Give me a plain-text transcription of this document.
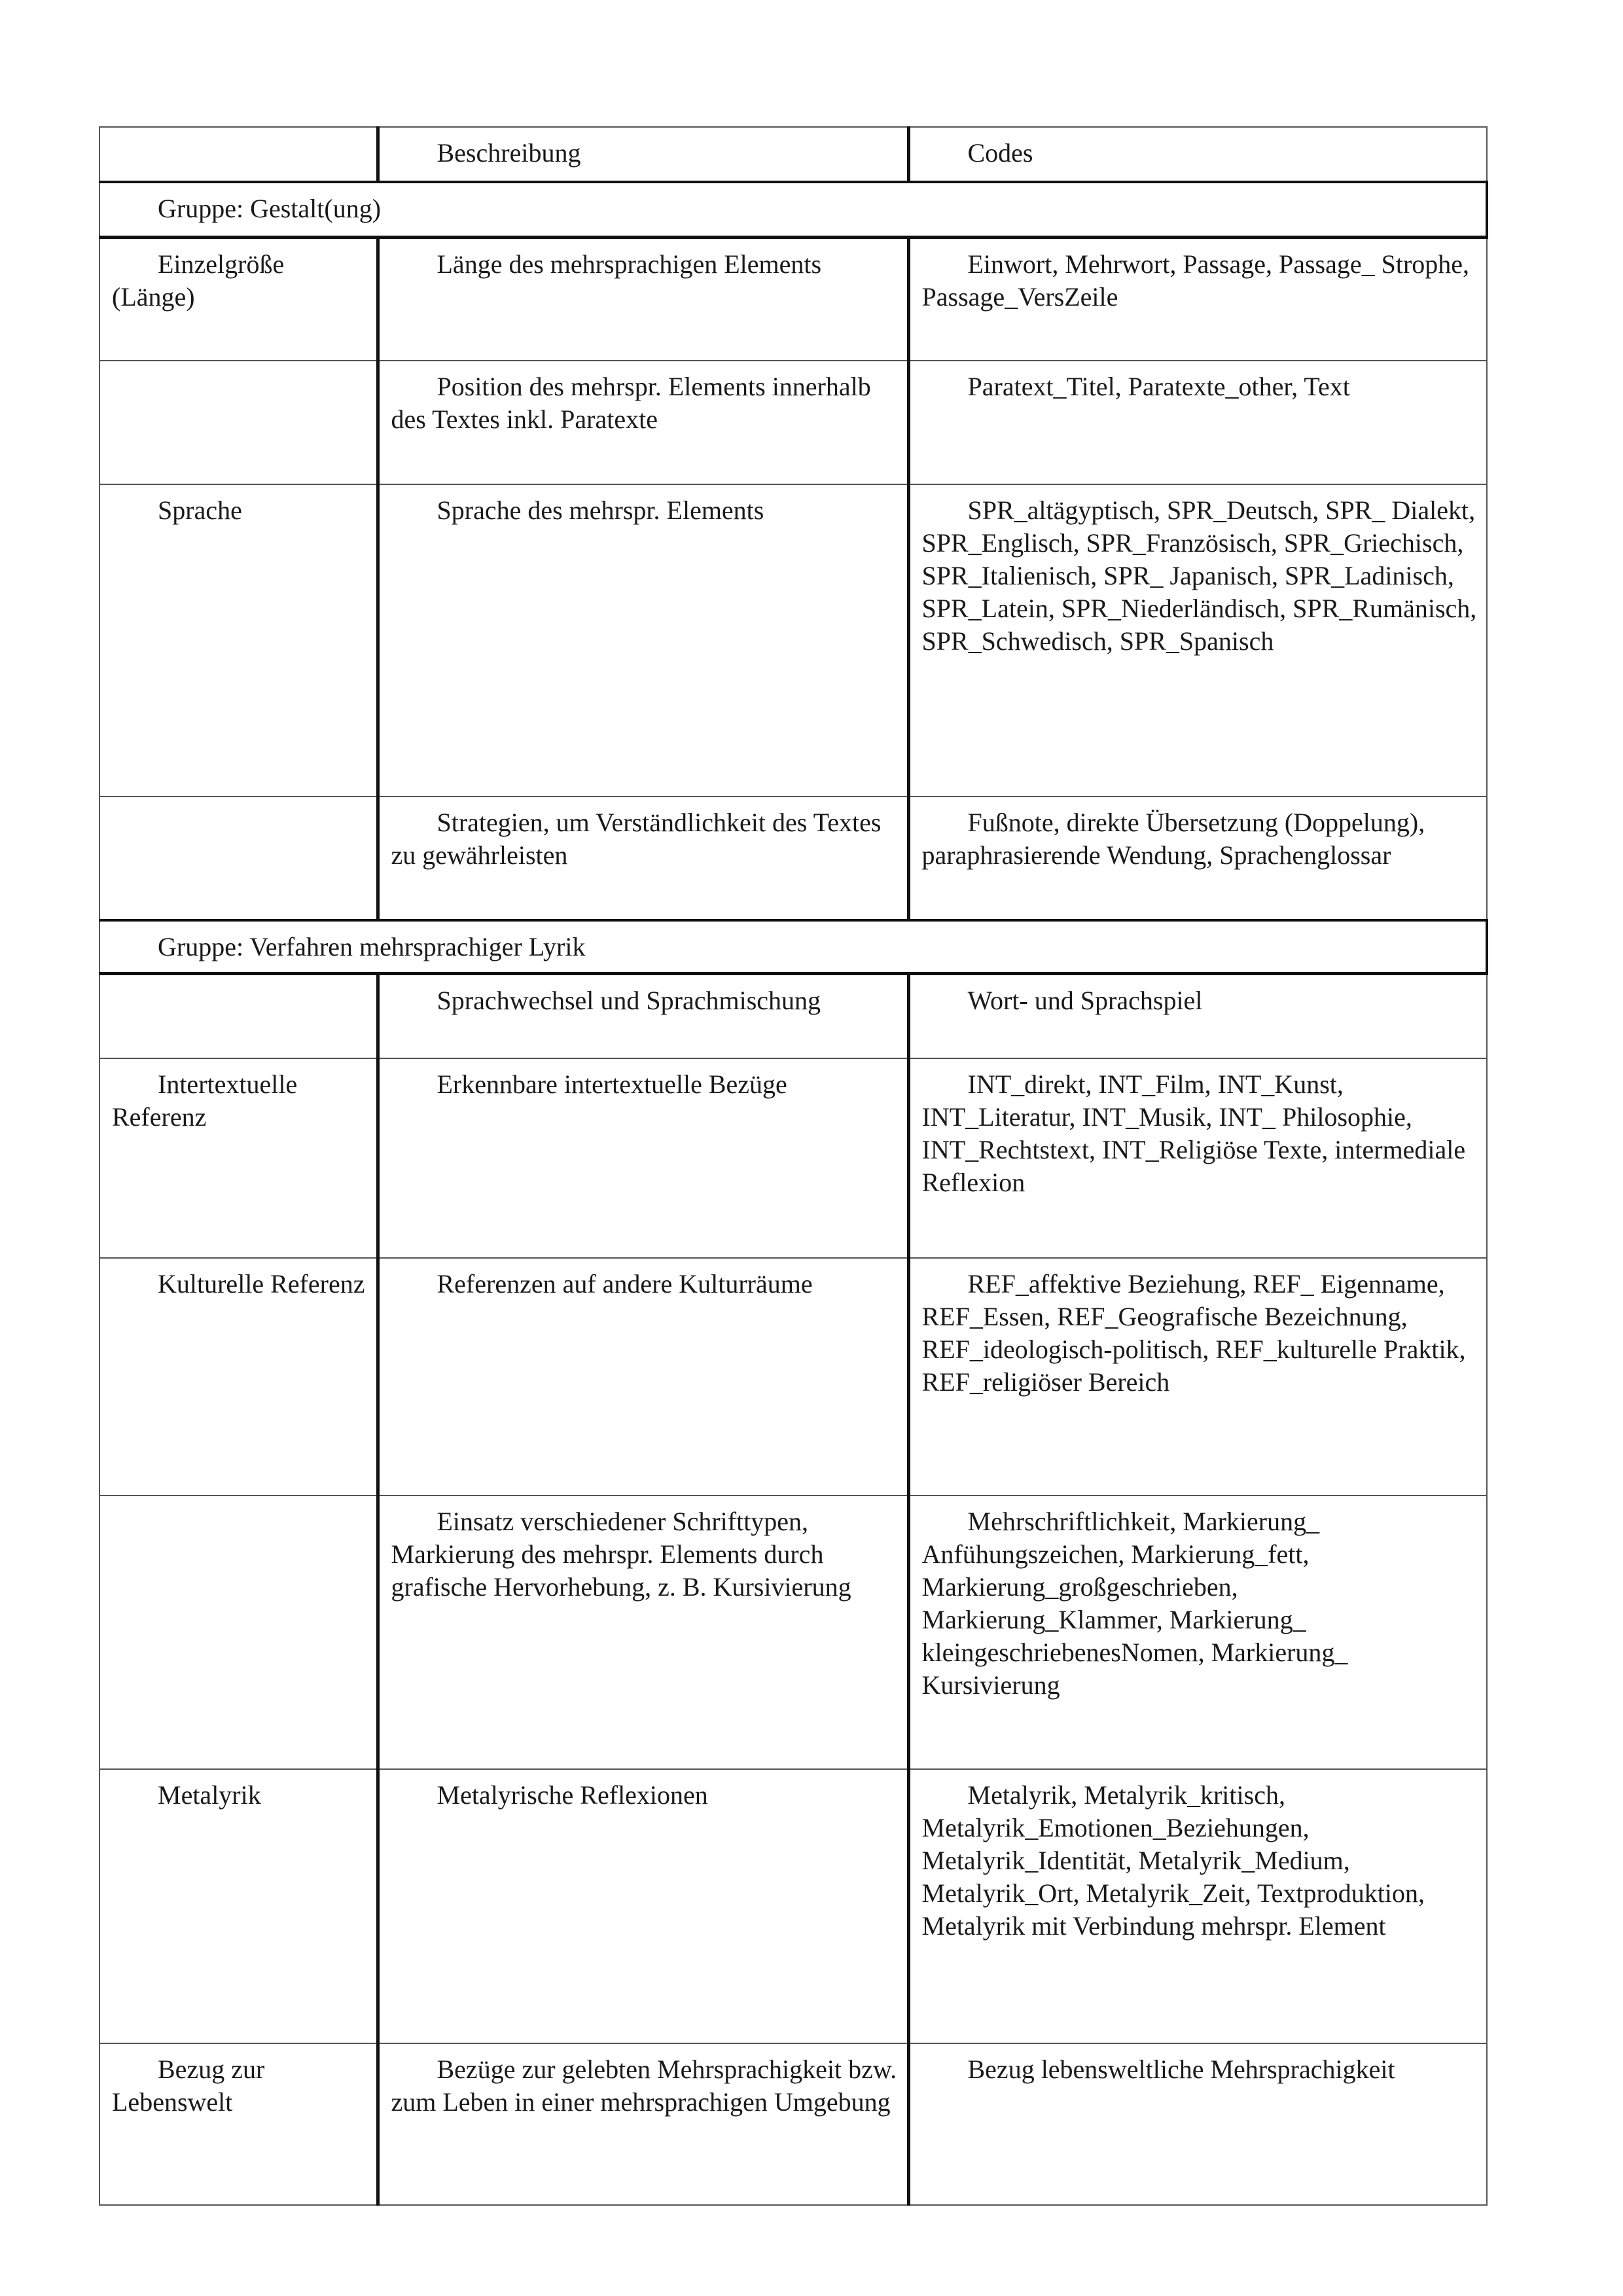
	Beschreibung	Codes

Gruppe: Gestalt(ung)		

Einzelgröße (Länge)	Länge des mehrsprachigen Elements	Einwort, Mehrwort, Passage, Passage_ Strophe, Passage_VersZeile

	Position des mehrspr. Elements innerhalb des Textes inkl. Paratexte	Paratext_Titel, Paratexte_other, Text

Sprache	Sprache des mehrspr. Elements	SPR_altägyptisch, SPR_Deutsch, SPR_ Dialekt, SPR_Englisch, SPR_Französisch, SPR_Griechisch, SPR_Italienisch, SPR_ Japanisch, SPR_Ladinisch, SPR_Latein, SPR_Niederländisch, SPR_Rumänisch, SPR_Schwedisch, SPR_Spanisch

	Strategien, um Verständlichkeit des Textes zu gewährleisten	Fußnote, direkte Übersetzung (Doppelung), paraphrasierende Wendung, Sprachenglossar

Gruppe: Verfahren mehrsprachiger Lyrik		

	Sprachwechsel und Sprachmischung	Wort- und Sprachspiel

Intertextuelle Referenz	Erkennbare intertextuelle Bezüge	INT_direkt, INT_Film, INT_Kunst, INT_Literatur, INT_Musik, INT_ Philosophie, INT_Rechtstext, INT_Religiöse Texte, intermediale Reflexion

Kulturelle Referenz	Referenzen auf andere Kulturräume	REF_affektive Beziehung, REF_ Eigenname, REF_Essen, REF_Geografische Bezeichnung, REF_ideologisch-politisch, REF_kulturelle Praktik, REF_religiöser Bereich

	Einsatz verschiedener Schrifttypen, Markierung des mehrspr. Elements durch grafische Hervorhebung, z. B. Kursivierung	Mehrschriftlichkeit, Markierung_ Anfühungszeichen, Markierung_fett, Markierung_großgeschrieben, Markierung_Klammer, Markierung_ kleingeschriebenesNomen, Markierung_ Kursivierung

Metalyrik	Metalyrische Reflexionen	Metalyrik, Metalyrik_kritisch, Metalyrik_Emotionen_Beziehungen, Metalyrik_Identität, Metalyrik_Medium, Metalyrik_Ort, Metalyrik_Zeit, Textproduktion, Metalyrik mit Verbindung mehrspr. Element

Bezug zur Lebenswelt	Bezüge zur gelebten Mehrsprachigkeit bzw. zum Leben in einer mehrsprachigen Umgebung	Bezug lebensweltliche Mehrsprachigkeit
